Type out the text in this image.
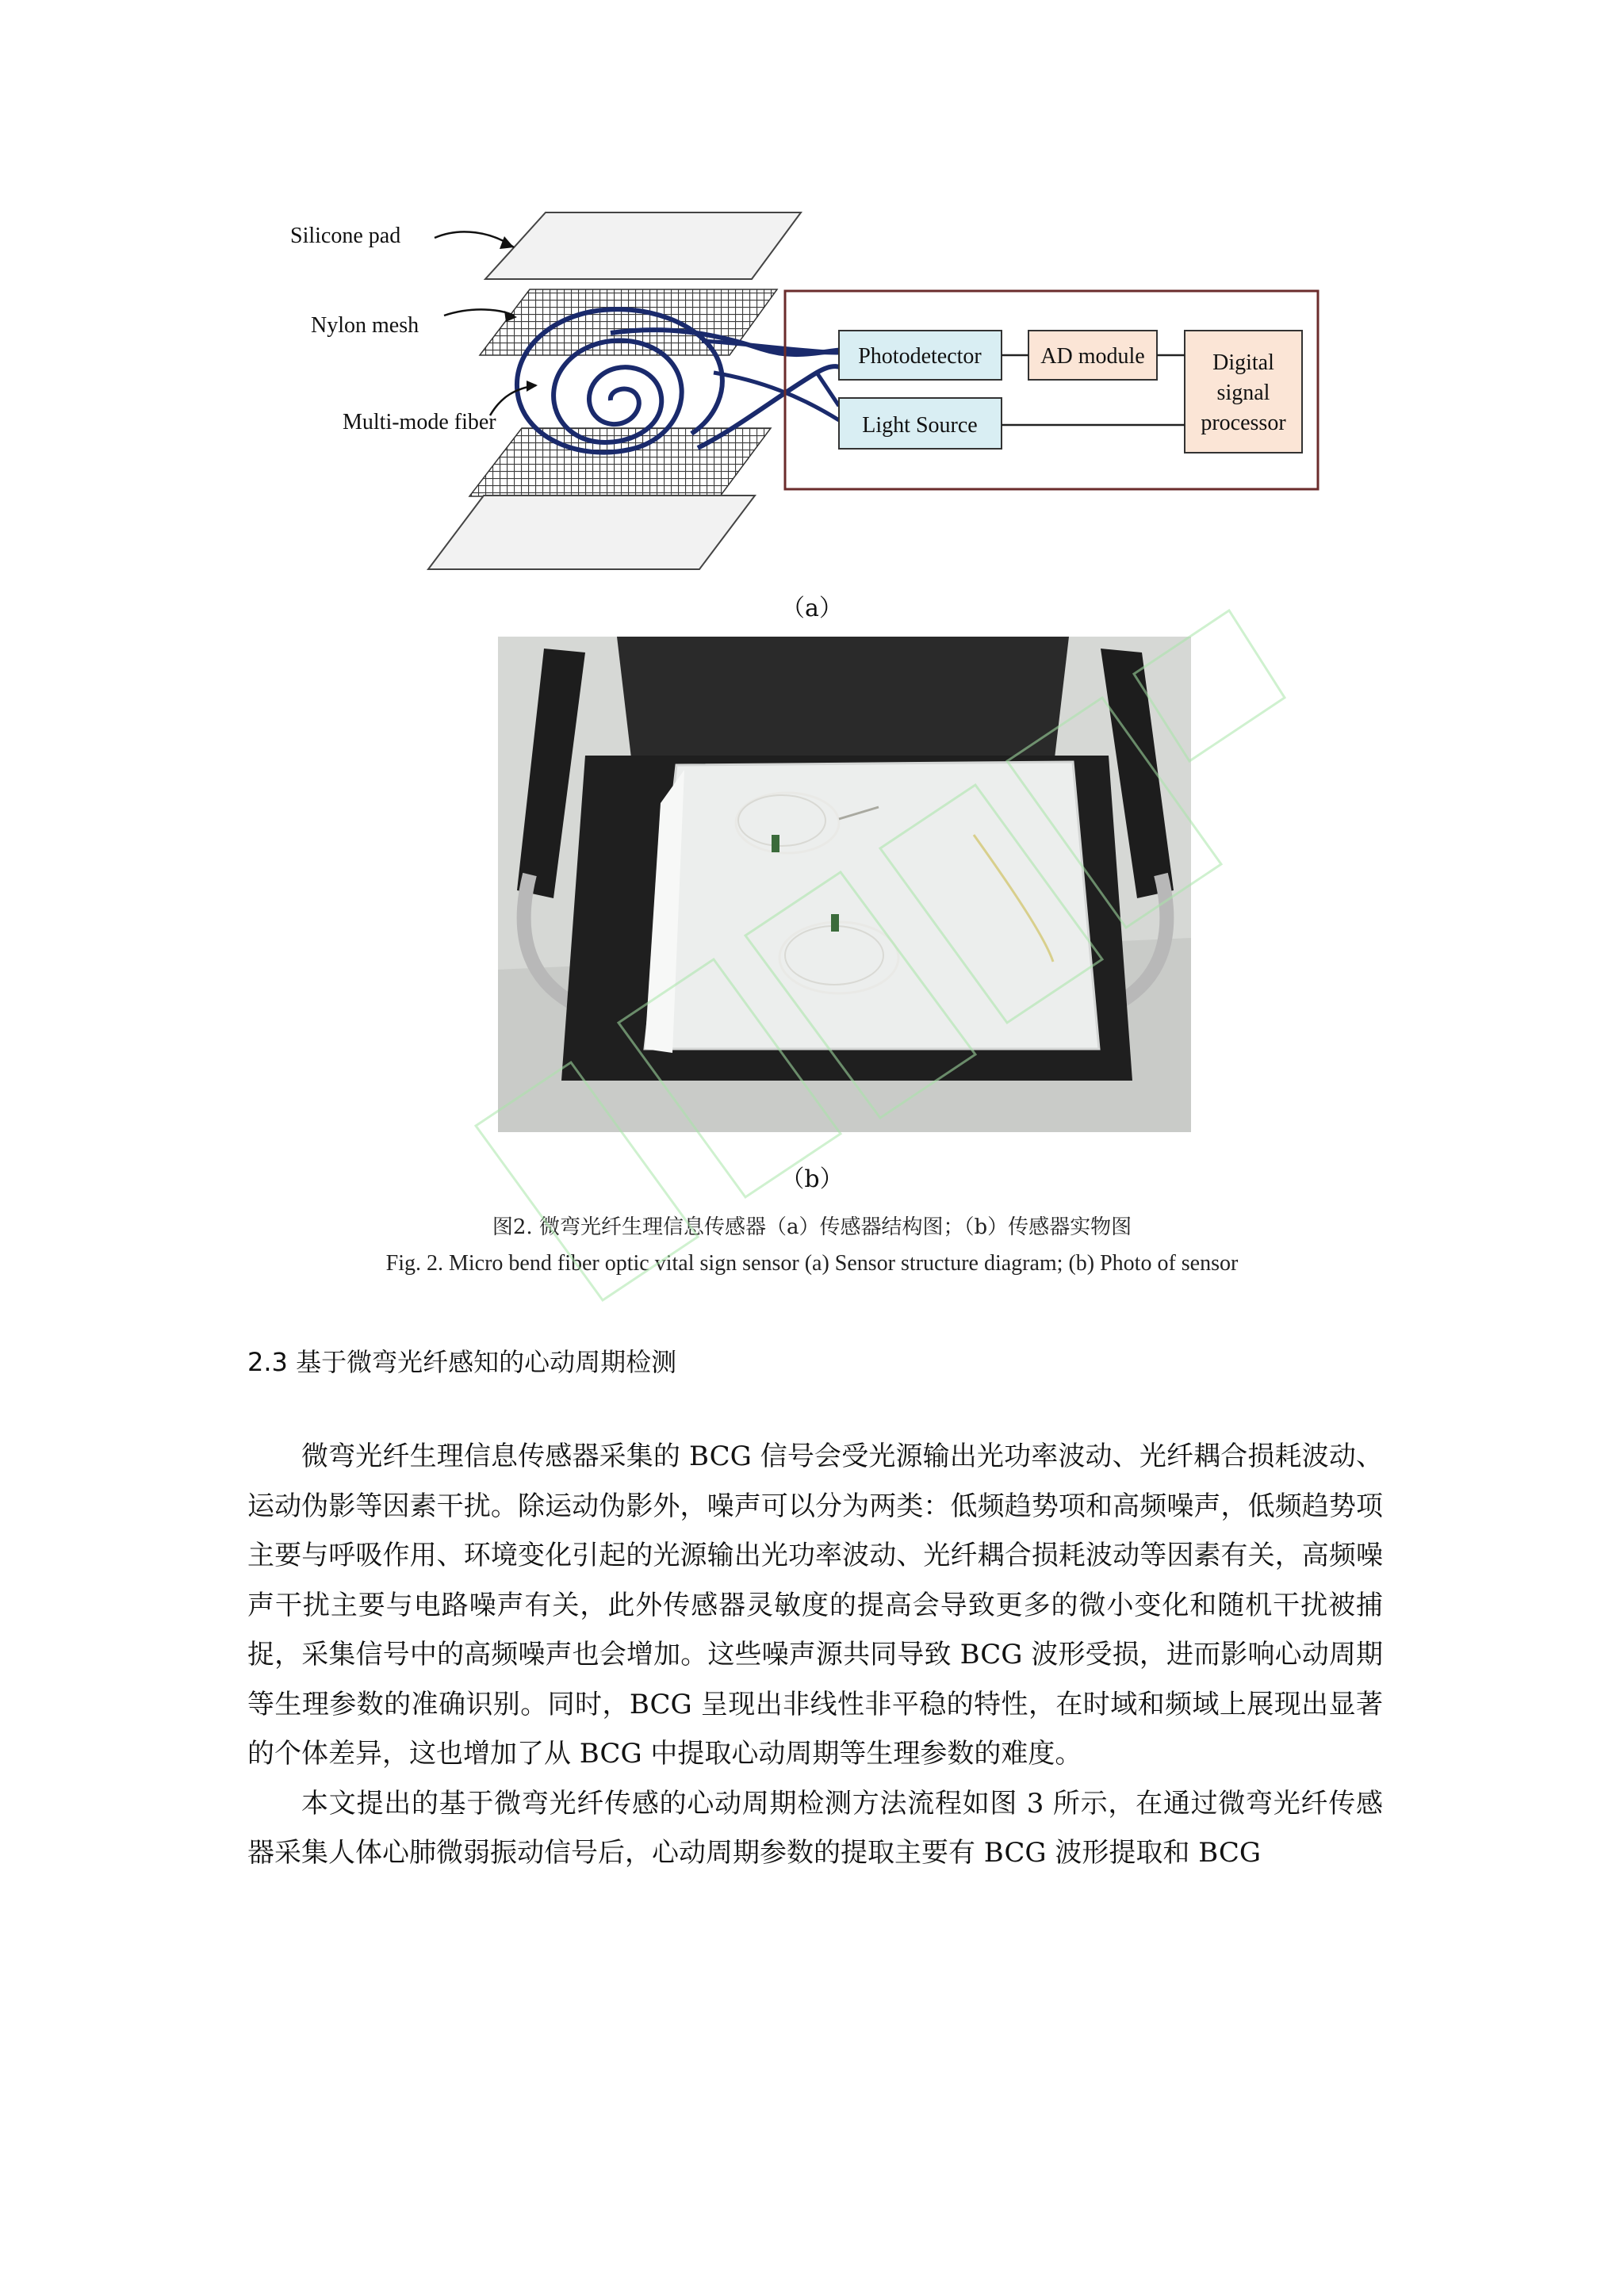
Silicone pad
Nylon mesh
Multi-mode fiber
Photodetector	AD module
Light Source
Digital
signal
processor
（a）
（b）
图2. 微弯光纤生理信息传感器（a）传感器结构图；（b）传感器实物图
Fig. 2. Micro bend fiber optic vital sign sensor (a) Sensor structure diagram; (b) Photo of sensor
2.3 基于微弯光纤感知的心动周期检测

微弯光纤生理信息传感器采集的 BCG 信号会受光源输出光功率波动、光纤耦合损耗波动、运动伪影等因素干扰。除运动伪影外，噪声可以分为两类：低频趋势项和高频噪声，低频趋势项主要与呼吸作用、环境变化引起的光源输出光功率波动、光纤耦合损耗波动等因素有关，高频噪声干扰主要与电路噪声有关，此外传感器灵敏度的提高会导致更多的微小变化和随机干扰被捕捉，采集信号中的高频噪声也会增加。这些噪声源共同导致 BCG 波形受损，进而影响心动周期等生理参数的准确识别。同时，BCG 呈现出非线性非平稳的特性，在时域和频域上展现出显著的个体差异，这也增加了从 BCG 中提取心动周期等生理参数的难度。

本文提出的基于微弯光纤传感的心动周期检测方法流程如图 3 所示，在通过微弯光纤传感器采集人体心肺微弱振动信号后，心动周期参数的提取主要有 BCG 波形提取和 BCG
